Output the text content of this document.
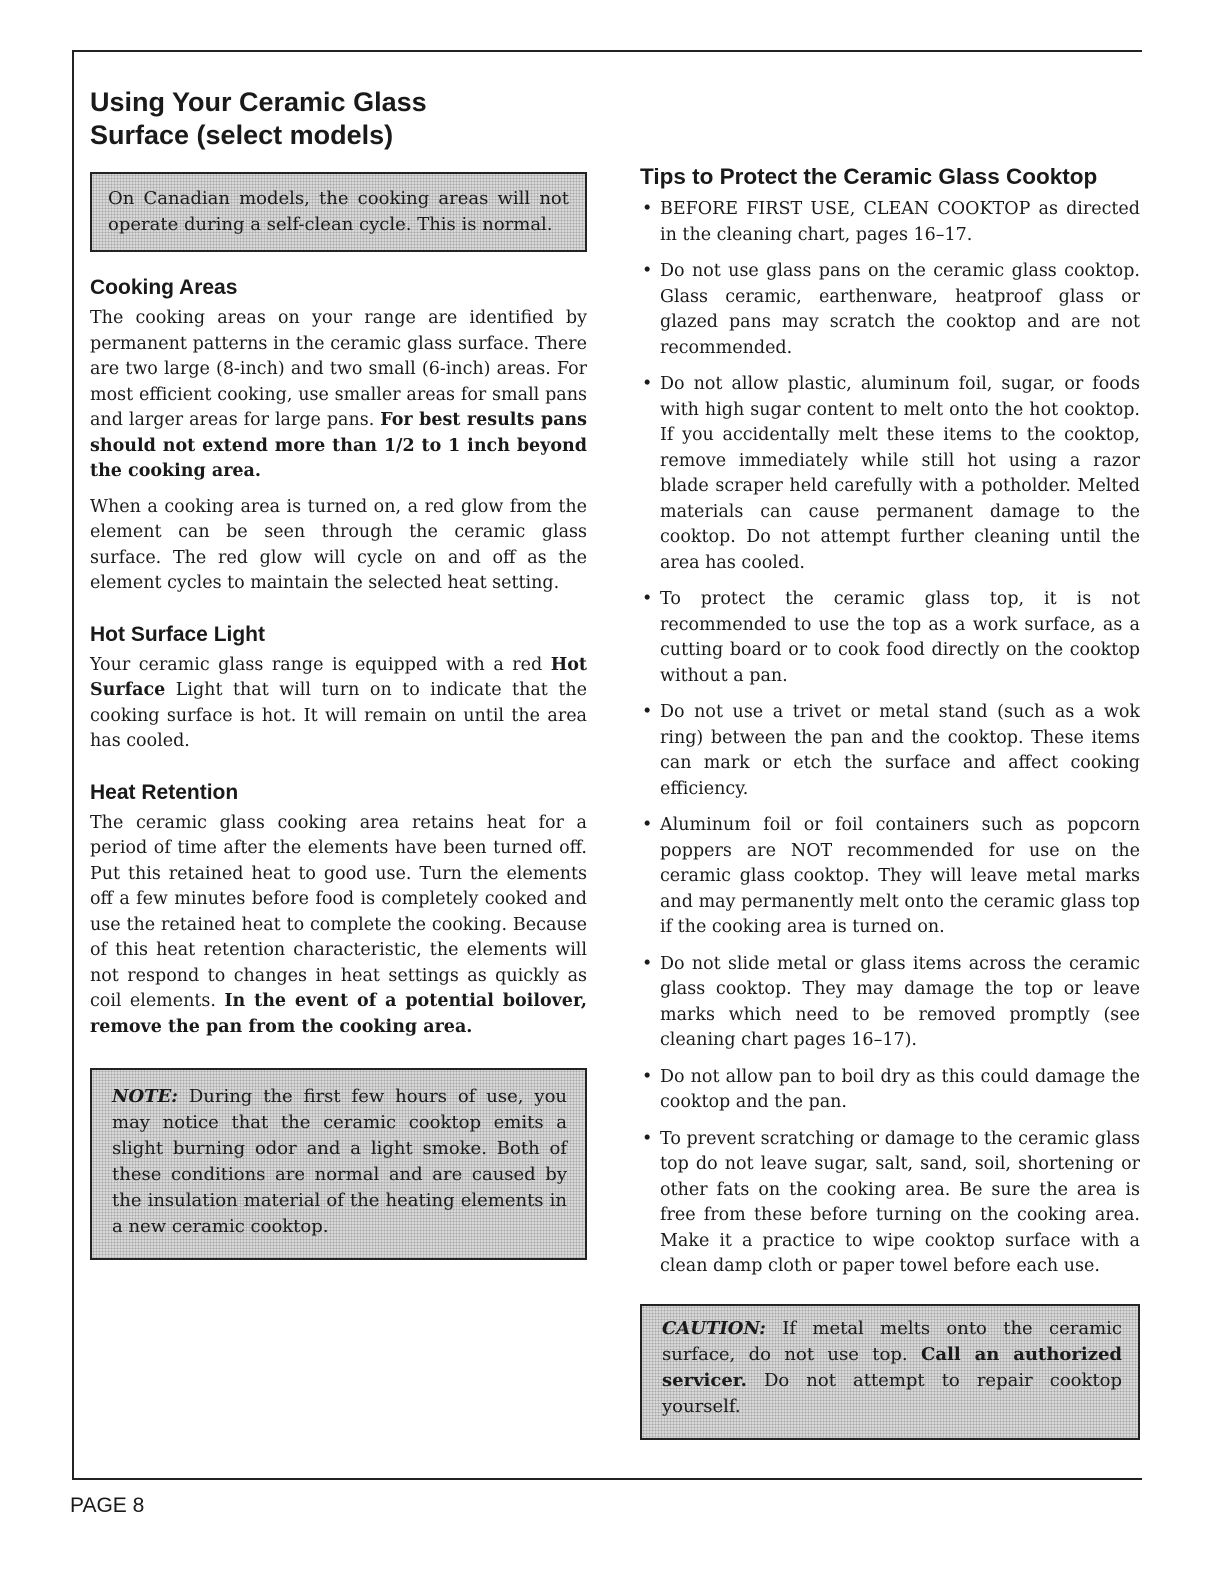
Using Your Ceramic Glass Surface (select models)
On Canadian models, the cooking areas will not operate during a self-clean cycle. This is normal.
Cooking Areas

The cooking areas on your range are identified by permanent patterns in the ceramic glass surface. There are two large (8-inch) and two small (6-inch) areas. For most efficient cooking, use smaller areas for small pans and larger areas for large pans. For best results pans should not extend more than 1/2 to 1 inch beyond the cooking area.

When a cooking area is turned on, a red glow from the element can be seen through the ceramic glass surface. The red glow will cycle on and off as the element cycles to maintain the selected heat setting.

Hot Surface Light

Your ceramic glass range is equipped with a red Hot Surface Light that will turn on to indicate that the cooking surface is hot. It will remain on until the area has cooled.

Heat Retention

The ceramic glass cooking area retains heat for a period of time after the elements have been turned off. Put this retained heat to good use. Turn the elements off a few minutes before food is completely cooked and use the retained heat to complete the cooking. Because of this heat retention characteristic, the elements will not respond to changes in heat settings as quickly as coil elements. In the event of a potential boilover, remove the pan from the cooking area.

NOTE: During the first few hours of use, you may notice that the ceramic cooktop emits a slight burning odor and a light smoke. Both of these conditions are normal and are caused by the insulation material of the heating elements in a new ceramic cooktop.
Tips to Protect the Ceramic Glass Cooktop
• BEFORE FIRST USE, CLEAN COOKTOP as directed in the cleaning chart, pages 16–17.
• Do not use glass pans on the ceramic glass cooktop. Glass ceramic, earthenware, heatproof glass or glazed pans may scratch the cooktop and are not recommended.
• Do not allow plastic, aluminum foil, sugar, or foods with high sugar content to melt onto the hot cooktop. If you accidentally melt these items to the cooktop, remove immediately while still hot using a razor blade scraper held carefully with a potholder. Melted materials can cause permanent damage to the cooktop. Do not attempt further cleaning until the area has cooled.
• To protect the ceramic glass top, it is not recommended to use the top as a work surface, as a cutting board or to cook food directly on the cooktop without a pan.
• Do not use a trivet or metal stand (such as a wok ring) between the pan and the cooktop. These items can mark or etch the surface and affect cooking efficiency.
• Aluminum foil or foil containers such as popcorn poppers are NOT recommended for use on the ceramic glass cooktop. They will leave metal marks and may permanently melt onto the ceramic glass top if the cooking area is turned on.
• Do not slide metal or glass items across the ceramic glass cooktop. They may damage the top or leave marks which need to be removed promptly (see cleaning chart pages 16–17).
• Do not allow pan to boil dry as this could damage the cooktop and the pan.
• To prevent scratching or damage to the ceramic glass top do not leave sugar, salt, sand, soil, shortening or other fats on the cooking area. Be sure the area is free from these before turning on the cooking area. Make it a practice to wipe cooktop surface with a clean damp cloth or paper towel before each use.
CAUTION: If metal melts onto the ceramic surface, do not use top. Call an authorized servicer. Do not attempt to repair cooktop yourself.
PAGE 8
